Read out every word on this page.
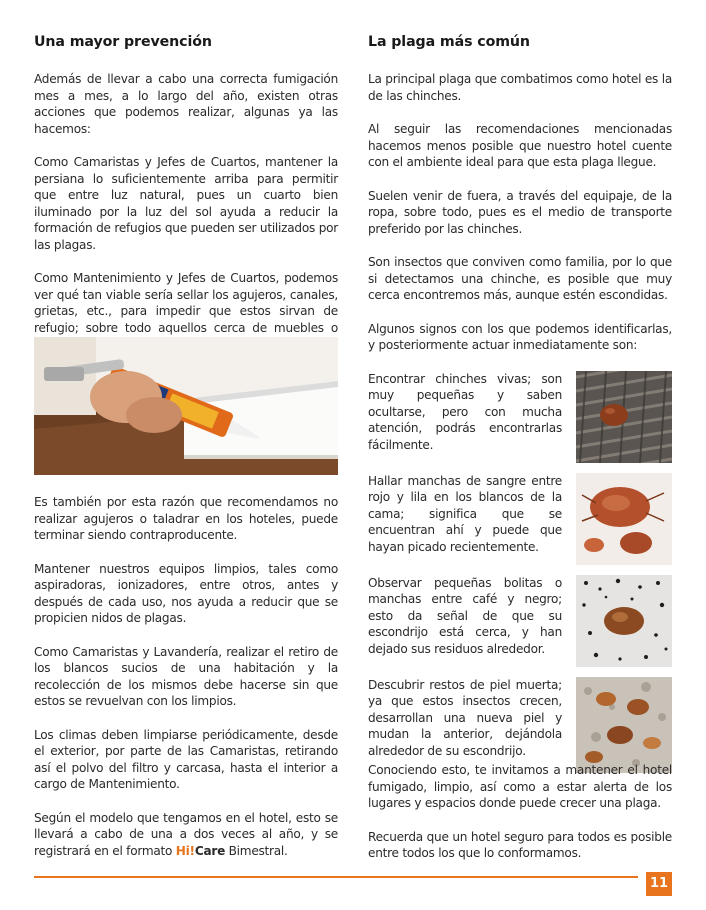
Una mayor prevención

Además de llevar a cabo una correcta fumigación mes a mes, a lo largo del año, existen otras acciones que podemos realizar, algunas ya las hacemos:

Como Camaristas y Jefes de Cuartos, mantener la persiana lo suficientemente arriba para permitir que entre luz natural, pues un cuarto bien iluminado por la luz del sol ayuda a reducir la formación de refugios que pueden ser utilizados por las plagas.

Como Mantenimiento y Jefes de Cuartos, podemos ver qué tan viable sería sellar los agujeros, canales, grietas, etc., para impedir que estos sirvan de refugio; sobre todo aquellos cerca de muebles o

Es también por esta razón que recomendamos no realizar agujeros o taladrar en los hoteles, puede terminar siendo contraproducente.

Mantener nuestros equipos limpios, tales como aspiradoras, ionizadores, entre otros, antes y después de cada uso, nos ayuda a reducir que se propicien nidos de plagas.

Como Camaristas y Lavandería, realizar el retiro de los blancos sucios de una habitación y la recolección de los mismos debe hacerse sin que estos se revuelvan con los limpios.

Los climas deben limpiarse periódicamente, desde el exterior, por parte de las Camaristas, retirando así el polvo del filtro y carcasa, hasta el interior a cargo de Mantenimiento.

Según el modelo que tengamos en el hotel, esto se llevará a cabo de una a dos veces al año, y se registrará en el formato Hi!Care Bimestral.

La plaga más común

La principal plaga que combatimos como hotel es la de las chinches.

Al seguir las recomendaciones mencionadas hacemos menos posible que nuestro hotel cuente con el ambiente ideal para que esta plaga llegue.

Suelen venir de fuera, a través del equipaje, de la ropa, sobre todo, pues es el medio de transporte preferido por las chinches.

Son insectos que conviven como familia, por lo que si detectamos una chinche, es posible que muy cerca encontremos más, aunque estén escondidas.

Algunos signos con los que podemos identificarlas, y posteriormente actuar inmediatamente son:

Encontrar chinches vivas; son muy pequeñas y saben ocultarse, pero con mucha atención, podrás encontrarlas fácilmente.

Hallar manchas de sangre entre rojo y lila en los blancos de la cama; significa que se encuentran ahí y puede que hayan picado recientemente.

Observar pequeñas bolitas o manchas entre café y negro; esto da señal de que su escondrijo está cerca, y han dejado sus residuos alrededor.

Descubrir restos de piel muerta; ya que estos insectos crecen, desarrollan una nueva piel y mudan la anterior, dejándola alrededor de su escondrijo.

Conociendo esto, te invitamos a mantener el hotel fumigado, limpio, así como a estar alerta de los lugares y espacios donde puede crecer una plaga.

Recuerda que un hotel seguro para todos es posible entre todos los que lo conformamos.

11
